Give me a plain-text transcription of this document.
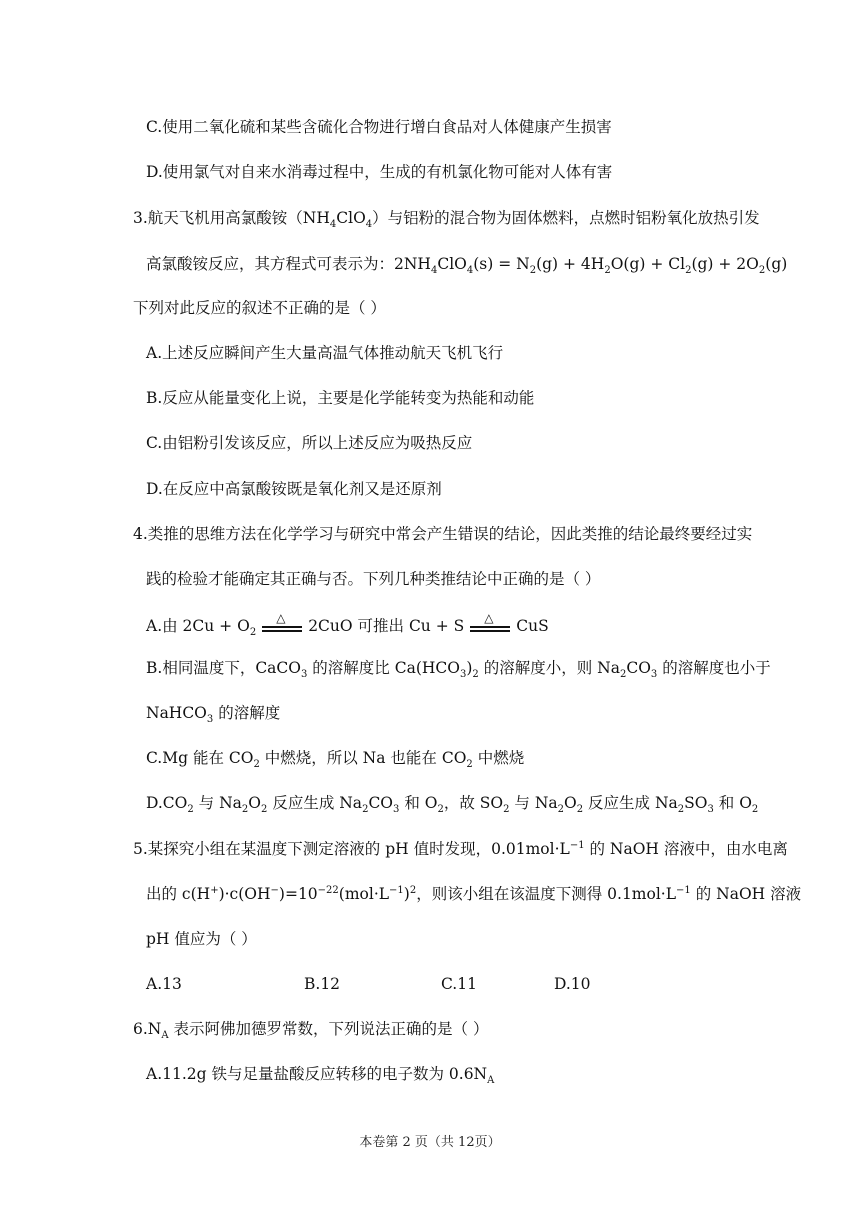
C.使用二氧化硫和某些含硫化合物进行增白食品对人体健康产生损害
D.使用氯气对自来水消毒过程中，生成的有机氯化物可能对人体有害
3.航天飞机用高氯酸铵$(NH_4ClO_4)$与铝粉的混合物为固体燃料，点燃时铝粉氧化放热引发
高氯酸铵反应，其方程式可表示为：$2NH_4ClO_4(s) = N_2(g) + 4H_2O(g) + Cl_2(g) + 2O_2(g)$
下列对此反应的叙述不正确的是（ ）
A.上述反应瞬间产生大量高温气体推动航天飞机飞行
B.反应从能量变化上说，主要是化学能转变为热能和动能
C.由铝粉引发该反应，所以上述反应为吸热反应
D.在反应中高氯酸铵既是氧化剂又是还原剂
4.类推的思维方法在化学学习与研究中常会产生错误的结论，因此类推的结论最终要经过实
践的检验才能确定其正确与否。下列几种类推结论中正确的是（ ）
A.由 $2Cu + O_2$
△ 2CuO 可推出 Cu + S △ CuS
B.相同温度下，CaCO$_3$ 的溶解度比 $Ca(HCO_3)_2$ 的溶解度小，则 $Na_2CO_3$ 的溶解度也小于
NaHCO$_3$ 的溶解度
C.Mg 能在 $CO_2$ 中燃烧，所以 Na 也能在 $CO_2$ 中燃烧
$D.CO_2$ 与 $Na_2O_2$ 反应生成 $Na_2CO_3$ 和 $O_2$，故 $SO_2$ 与 $Na_2O_2$ 反应生成 $Na_2SO_3$ 和 $O_2$
5.某探究小组在某温度下测定溶液的 pH 值时发现，$0.01mol\cdot L^{-1}$ 的 NaOH 溶液中，由水电离
出的 $c(H^+)\cdot c(OH^-)=10^{-22}(mol\cdot L^{-1})^2$，则该小组在该温度下测得 $0.1mol\cdot L^{-1}$ 的 NaOH 溶液
pH 值应为（ ）
A.13	B.12	C.11	D.10
$6.N_A$ 表示阿佛加德罗常数，下列说法正确的是（ ）
A.11.2g 铁与足量盐酸反应转移的电子数为 $0.6N_A$
本卷第 2 页（共 12页）
